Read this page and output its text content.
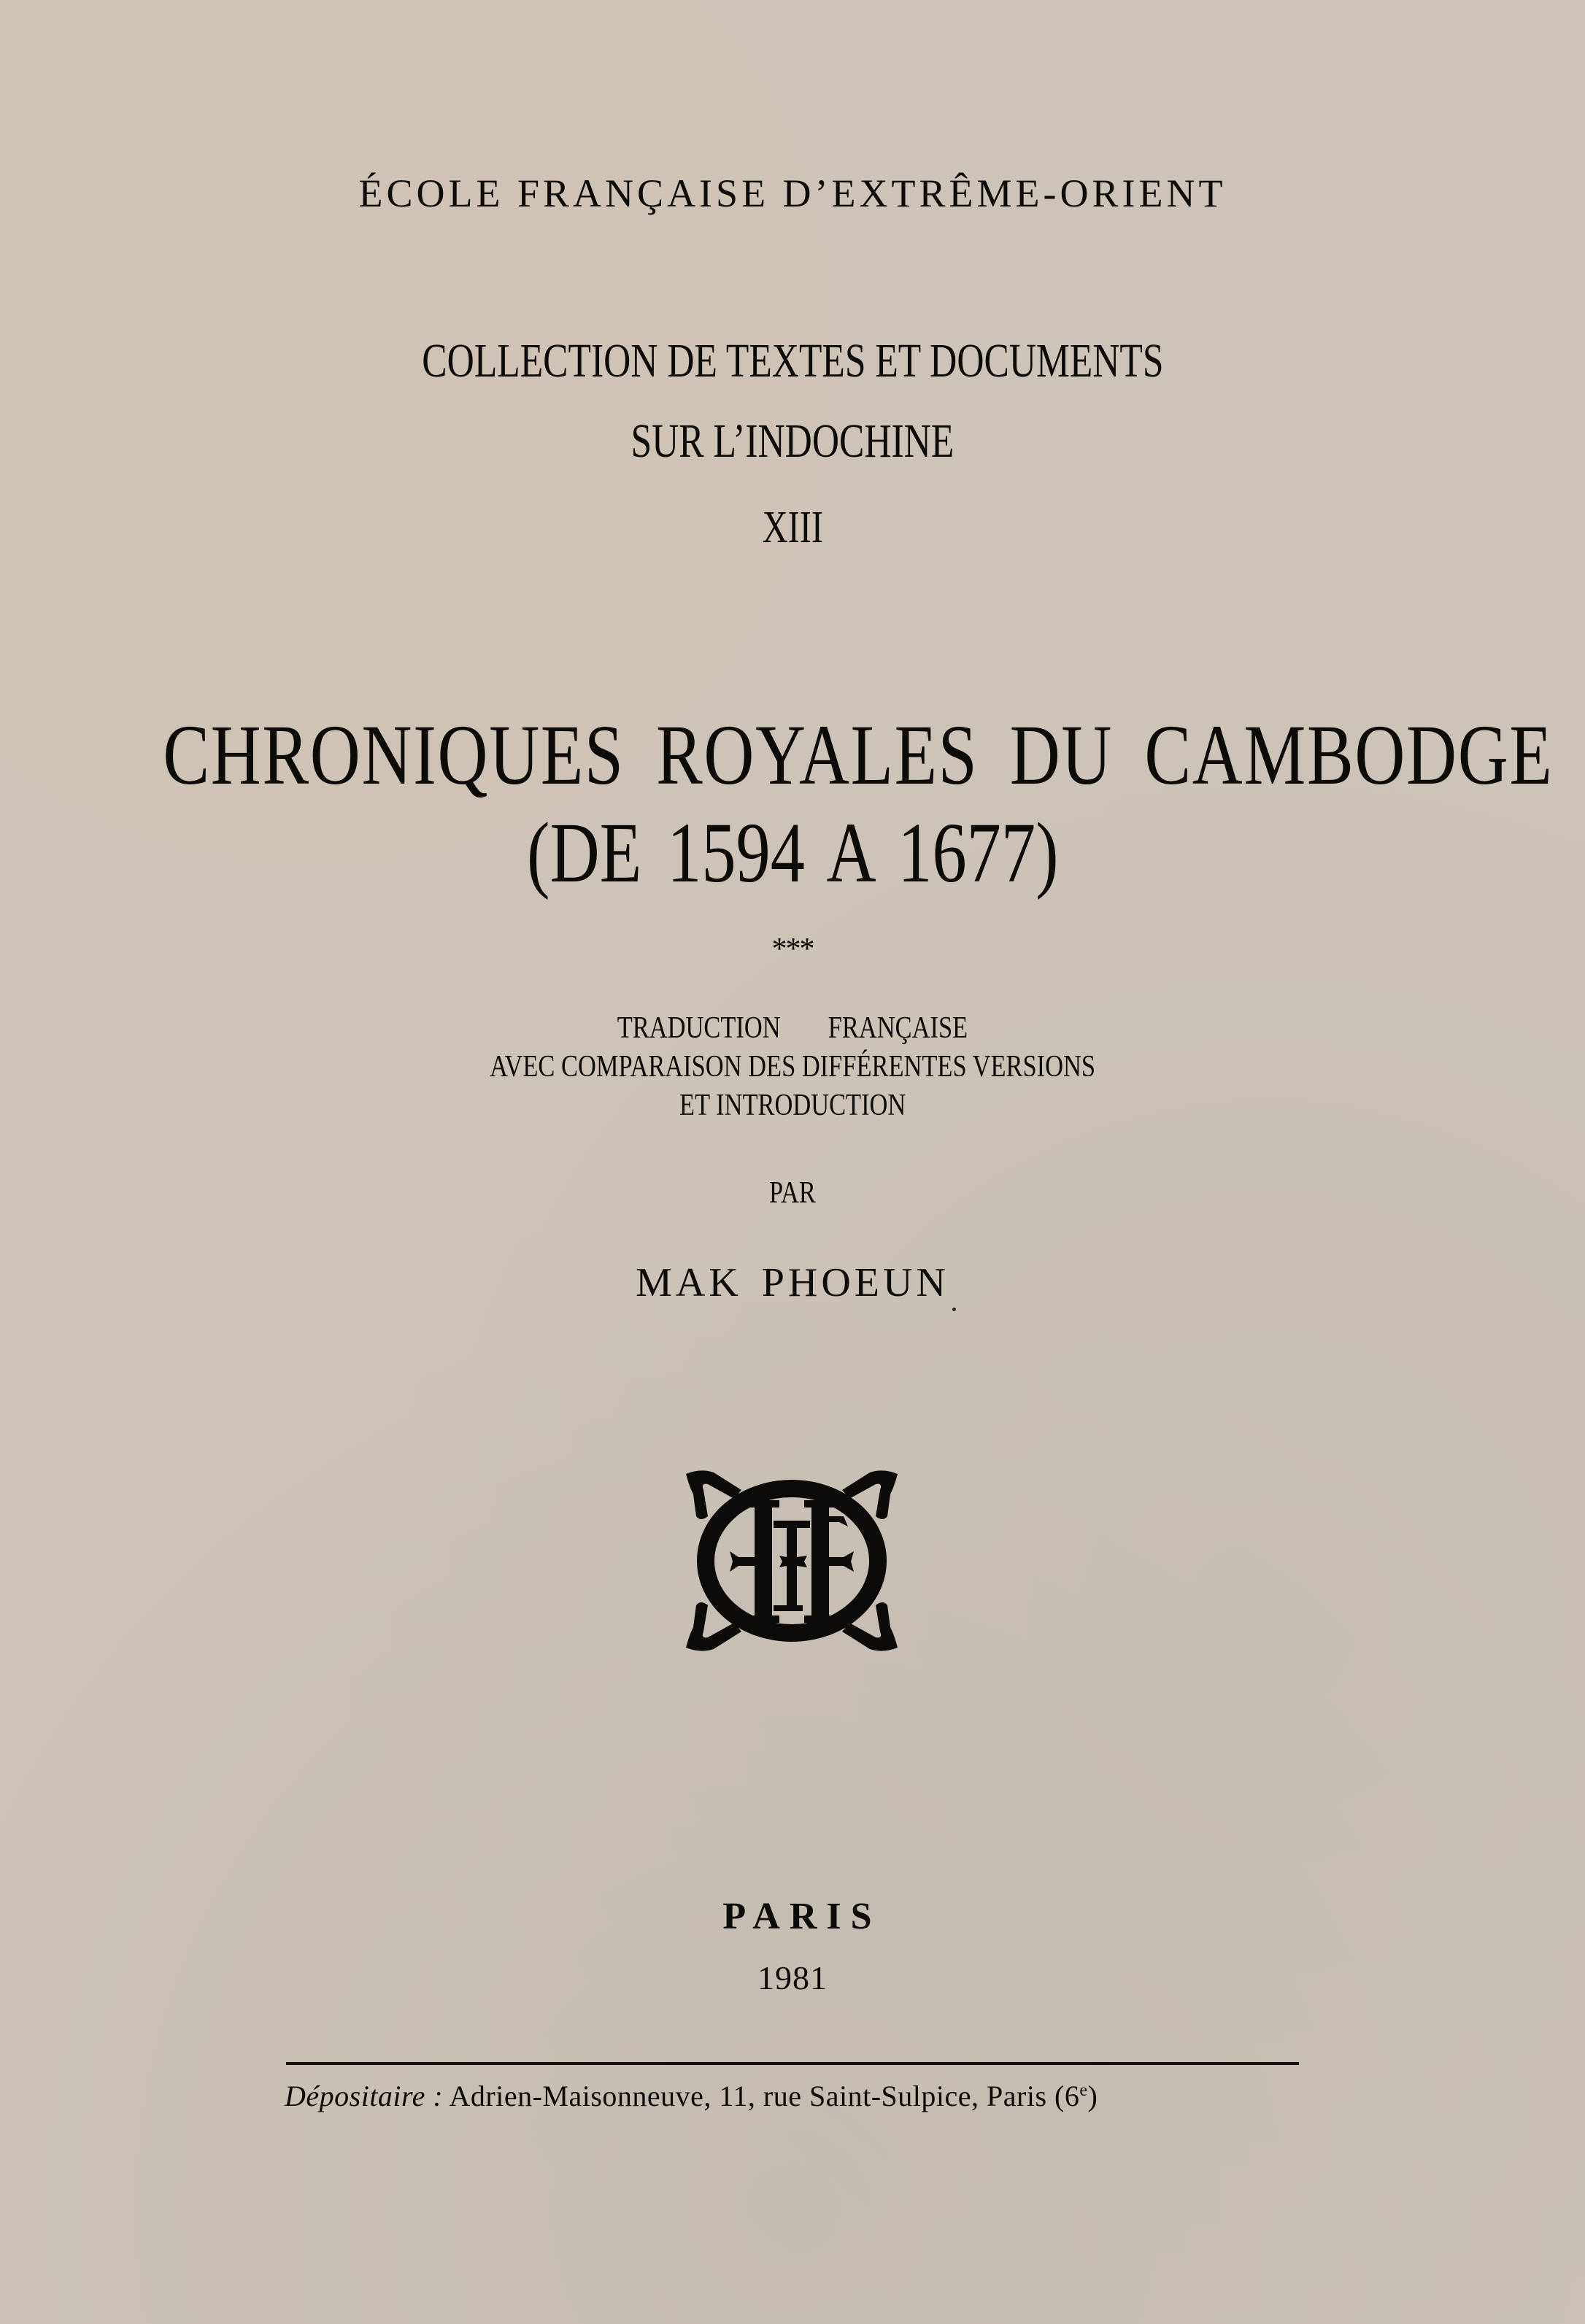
ÉCOLE FRANÇAISE D’EXTRÊME-ORIENT
COLLECTION DE TEXTES ET DOCUMENTS
SUR L’INDOCHINE
XIII
CHRONIQUES ROYALES DU CAMBODGE
(DE 1594 A 1677)
***
TRADUCTION   FRANÇAISE
AVEC COMPARAISON DES DIFFÉRENTES VERSIONS
ET INTRODUCTION
PAR
MAK PHOEUN
PARIS
1981
Dépositaire : Adrien-Maisonneuve, 11, rue Saint-Sulpice, Paris (6e)
